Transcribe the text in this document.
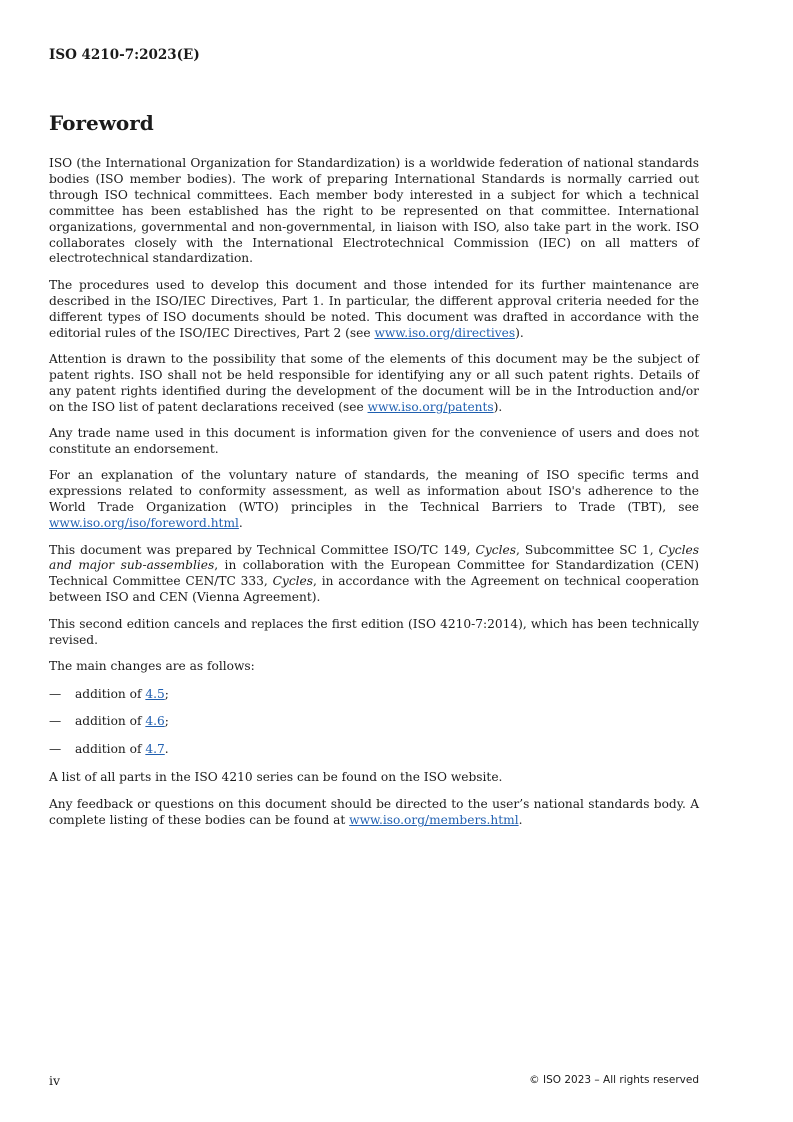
ISO 4210-7:2023(E)

Foreword

ISO (the International Organization for Standardization) is a worldwide federation of national standards bodies (ISO member bodies). The work of preparing International Standards is normally carried out through ISO technical committees. Each member body interested in a subject for which a technical committee has been established has the right to be represented on that committee. International organizations, governmental and non-governmental, in liaison with ISO, also take part in the work. ISO collaborates closely with the International Electrotechnical Commission (IEC) on all matters of electrotechnical standardization.

The procedures used to develop this document and those intended for its further maintenance are described in the ISO/IEC Directives, Part 1. In particular, the different approval criteria needed for the different types of ISO documents should be noted. This document was drafted in accordance with the editorial rules of the ISO/IEC Directives, Part 2 (see www.iso.org/directives).

Attention is drawn to the possibility that some of the elements of this document may be the subject of patent rights. ISO shall not be held responsible for identifying any or all such patent rights. Details of any patent rights identified during the development of the document will be in the Introduction and/or on the ISO list of patent declarations received (see www.iso.org/patents).

Any trade name used in this document is information given for the convenience of users and does not constitute an endorsement.

For an explanation of the voluntary nature of standards, the meaning of ISO specific terms and expressions related to conformity assessment, as well as information about ISO's adherence to the World Trade Organization (WTO) principles in the Technical Barriers to Trade (TBT), see www.iso.org/iso/foreword.html.

This document was prepared by Technical Committee ISO/TC 149, Cycles, Subcommittee SC 1, Cycles and major sub-assemblies, in collaboration with the European Committee for Standardization (CEN) Technical Committee CEN/TC 333, Cycles, in accordance with the Agreement on technical cooperation between ISO and CEN (Vienna Agreement).

This second edition cancels and replaces the first edition (ISO 4210-7:2014), which has been technically revised.

The main changes are as follows:

— addition of 4.5;

— addition of 4.6;

— addition of 4.7.

A list of all parts in the ISO 4210 series can be found on the ISO website.

Any feedback or questions on this document should be directed to the user’s national standards body. A complete listing of these bodies can be found at www.iso.org/members.html.

iv	© ISO 2023 – All rights reserved
